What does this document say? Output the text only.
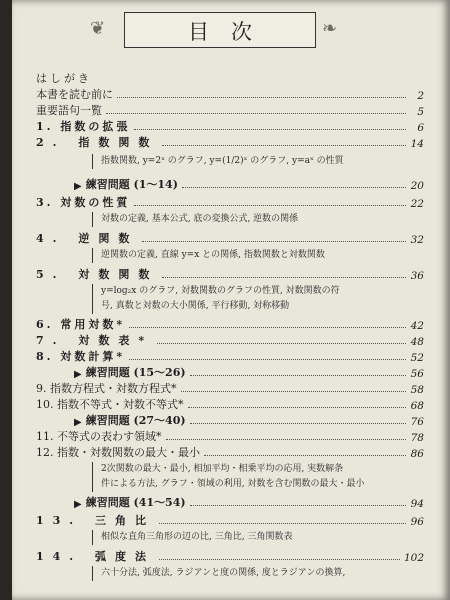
❦	❧
目次
はしがき
本書を読む前に	2
重要語句一覧	5
1. 指数の拡張	6
2. 指数関数	14
指数関数, y=2ˣ のグラフ, y=(1/2)ˣ のグラフ, y=aˣ の性質
▶ 練習問題 (1〜14)	20
3. 対数の性質	22
対数の定義, 基本公式, 底の変換公式, 逆数の関係
4. 逆関数	32
逆関数の定義, 直線 y=x との関係, 指数関数と対数関数
5. 対数関数	36
y=log₂x のグラフ, 対数関数のグラフの性質, 対数関数の符
号, 真数と対数の大小関係, 平行移動, 対称移動
6. 常用対数*	42
7. 対数表*	48
8. 対数計算*	52
▶ 練習問題 (15〜26)	56
9. 指数方程式・対数方程式*	58
10. 指数不等式・対数不等式*	68
▶ 練習問題 (27〜40)	76
11. 不等式の表わす領域*	78
12. 指数・対数関数の最大・最小	86
2次関数の最大・最小, 相加平均・相乗平均の応用, 実数解条
件による方法, グラフ・領域の利用, 対数を含む関数の最大・最小
▶ 練習問題 (41〜54)	94
13. 三角比	96
相似な直角三角形の辺の比, 三角比, 三角関数表
14. 弧度法	102
六十分法, 弧度法, ラジアンと度の関係, 度とラジアンの換算,
